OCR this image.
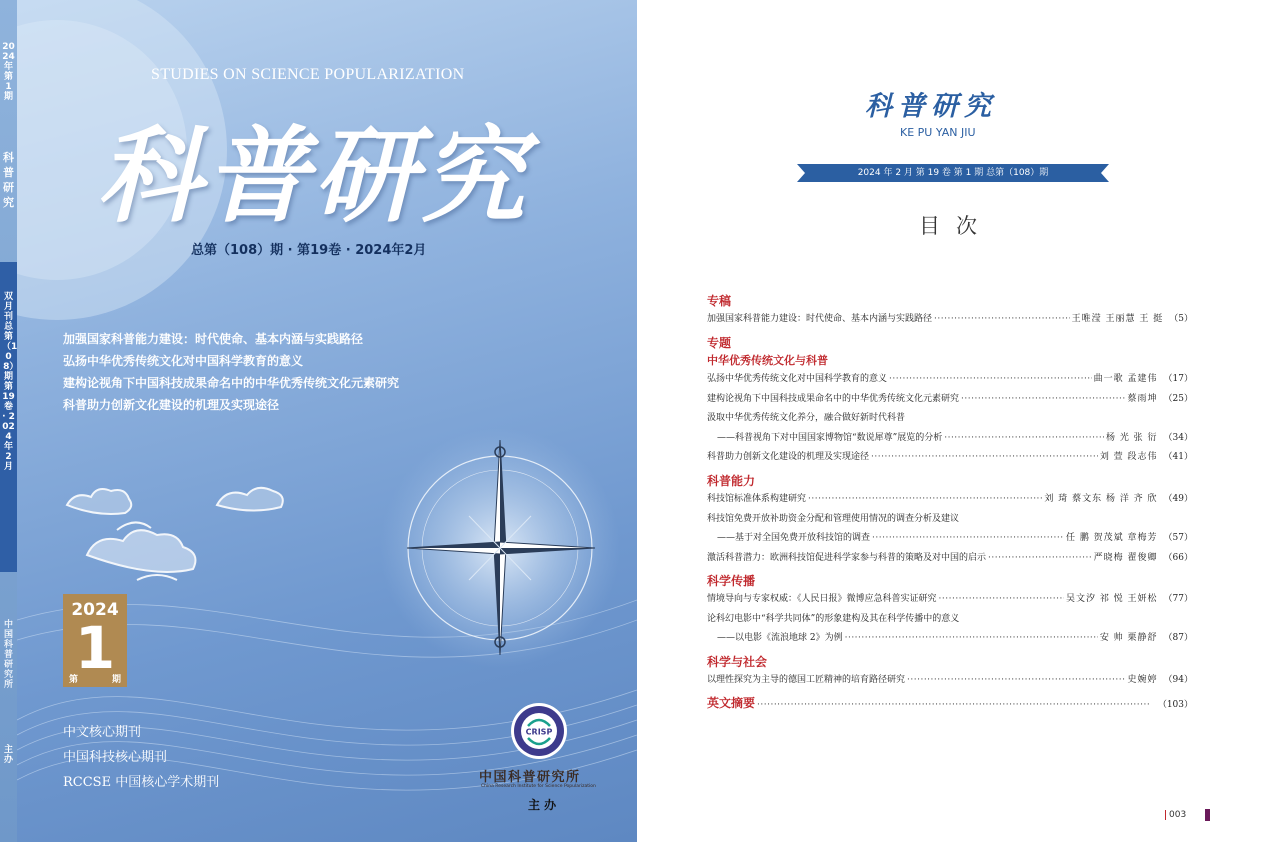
2024年 第1期
科普研究
双月刊 总第（108）期 第19卷 · 2024年2月
中国科普研究所
主办
STUDIES ON SCIENCE POPULARIZATION
科普研究
总第（108）期 · 第19卷 · 2024年2月
加强国家科普能力建设：时代使命、基本内涵与实践路径
弘扬中华优秀传统文化对中国科学教育的意义
建构论视角下中国科技成果命名中的中华优秀传统文化元素研究
科普助力创新文化建设的机理及实现途径
2024
1
第	期
中文核心期刊
中国科技核心期刊
RCCSE 中国核心学术期刊
CRISP
中国科普研究所
China Research Institute for Science Popularization
主 办
科普研究
KE PU YAN JIU
2024 年 2 月 第 19 卷 第 1 期 总第（108）期
目次
专稿
加强国家科普能力建设：时代使命、基本内涵与实践路径 ·····	王唯滢 王丽慧 王 挺 （5）
专题
中华优秀传统文化与科普
弘扬中华优秀传统文化对中国科学教育的意义 ·····	曲一歌 孟建伟 （17）
建构论视角下中国科技成果命名中的中华优秀传统文化元素研究 ·····	蔡雨坤 （25）
汲取中华优秀传统文化养分，融合做好新时代科普
——科普视角下对中国国家博物馆“数说犀尊”展览的分析 ·····	杨 光 张 衍 （34）
科普助力创新文化建设的机理及实现途径 ·····	刘 萱 段志伟 （41）
科普能力
科技馆标准体系构建研究 ·····	刘 琦 蔡文东 杨 洋 齐 欣 （49）
科技馆免费开放补助资金分配和管理使用情况的调查分析及建议
——基于对全国免费开放科技馆的调查 ·····	任 鹏 贺茂斌 章梅芳 （57）
激活科普潜力：欧洲科技馆促进科学家参与科普的策略及对中国的启示 ·····	严晓梅 翟俊卿 （66）
科学传播
情境导向与专家权威：《人民日报》微博应急科普实证研究 ·····	吴文汐 祁 悦 王妍松 （77）
论科幻电影中“科学共同体”的形象建构及其在科学传播中的意义
——以电影《流浪地球 2》为例 ·····	安 帅 栗静舒 （87）
科学与社会
以理性探究为主导的德国工匠精神的培育路径研究 ·····	史婉婷 （94）
英文摘要 ·····	（103）
003
